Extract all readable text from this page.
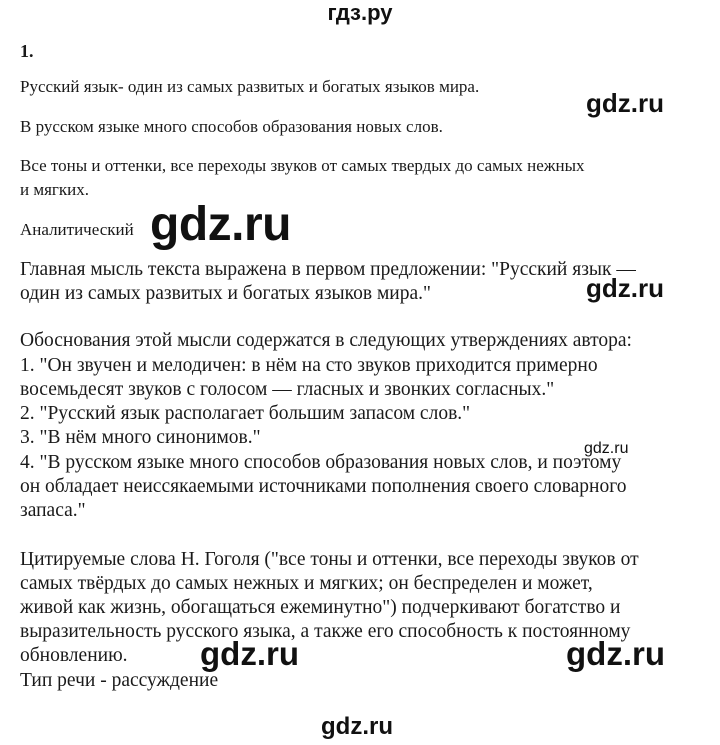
гдз.ру
1.
Русский язык- один из самых развитых и богатых языков мира.
В русском языке много способов образования новых слов.
Все тоны и оттенки, все переходы звуков от самых твердых до самых нежных
и мягких.
Аналитический
Главная мысль текста выражена в первом предложении: "Русский язык —
один из самых развитых и богатых языков мира."
Обоснования этой мысли содержатся в следующих утверждениях автора:
1. "Он звучен и мелодичен: в нём на сто звуков приходится примерно
восемьдесят звуков с голосом — гласных и звонких согласных."
2. "Русский язык располагает большим запасом слов."
3. "В нём много синонимов."
4. "В русском языке много способов образования новых слов, и поэтому
он обладает неиссякаемыми источниками пополнения своего словарного
запаса."
Цитируемые слова Н. Гоголя ("все тоны и оттенки, все переходы звуков от
самых твёрдых до самых нежных и мягких; он беспределен и может,
живой как жизнь, обогащаться ежеминутно") подчеркивают богатство и
выразительность русского языка, а также его способность к постоянному
обновлению.
Тип речи - рассуждение
gdz.ru
gdz.ru
gdz.ru
gdz.ru
gdz.ru	gdz.ru
gdz.ru
